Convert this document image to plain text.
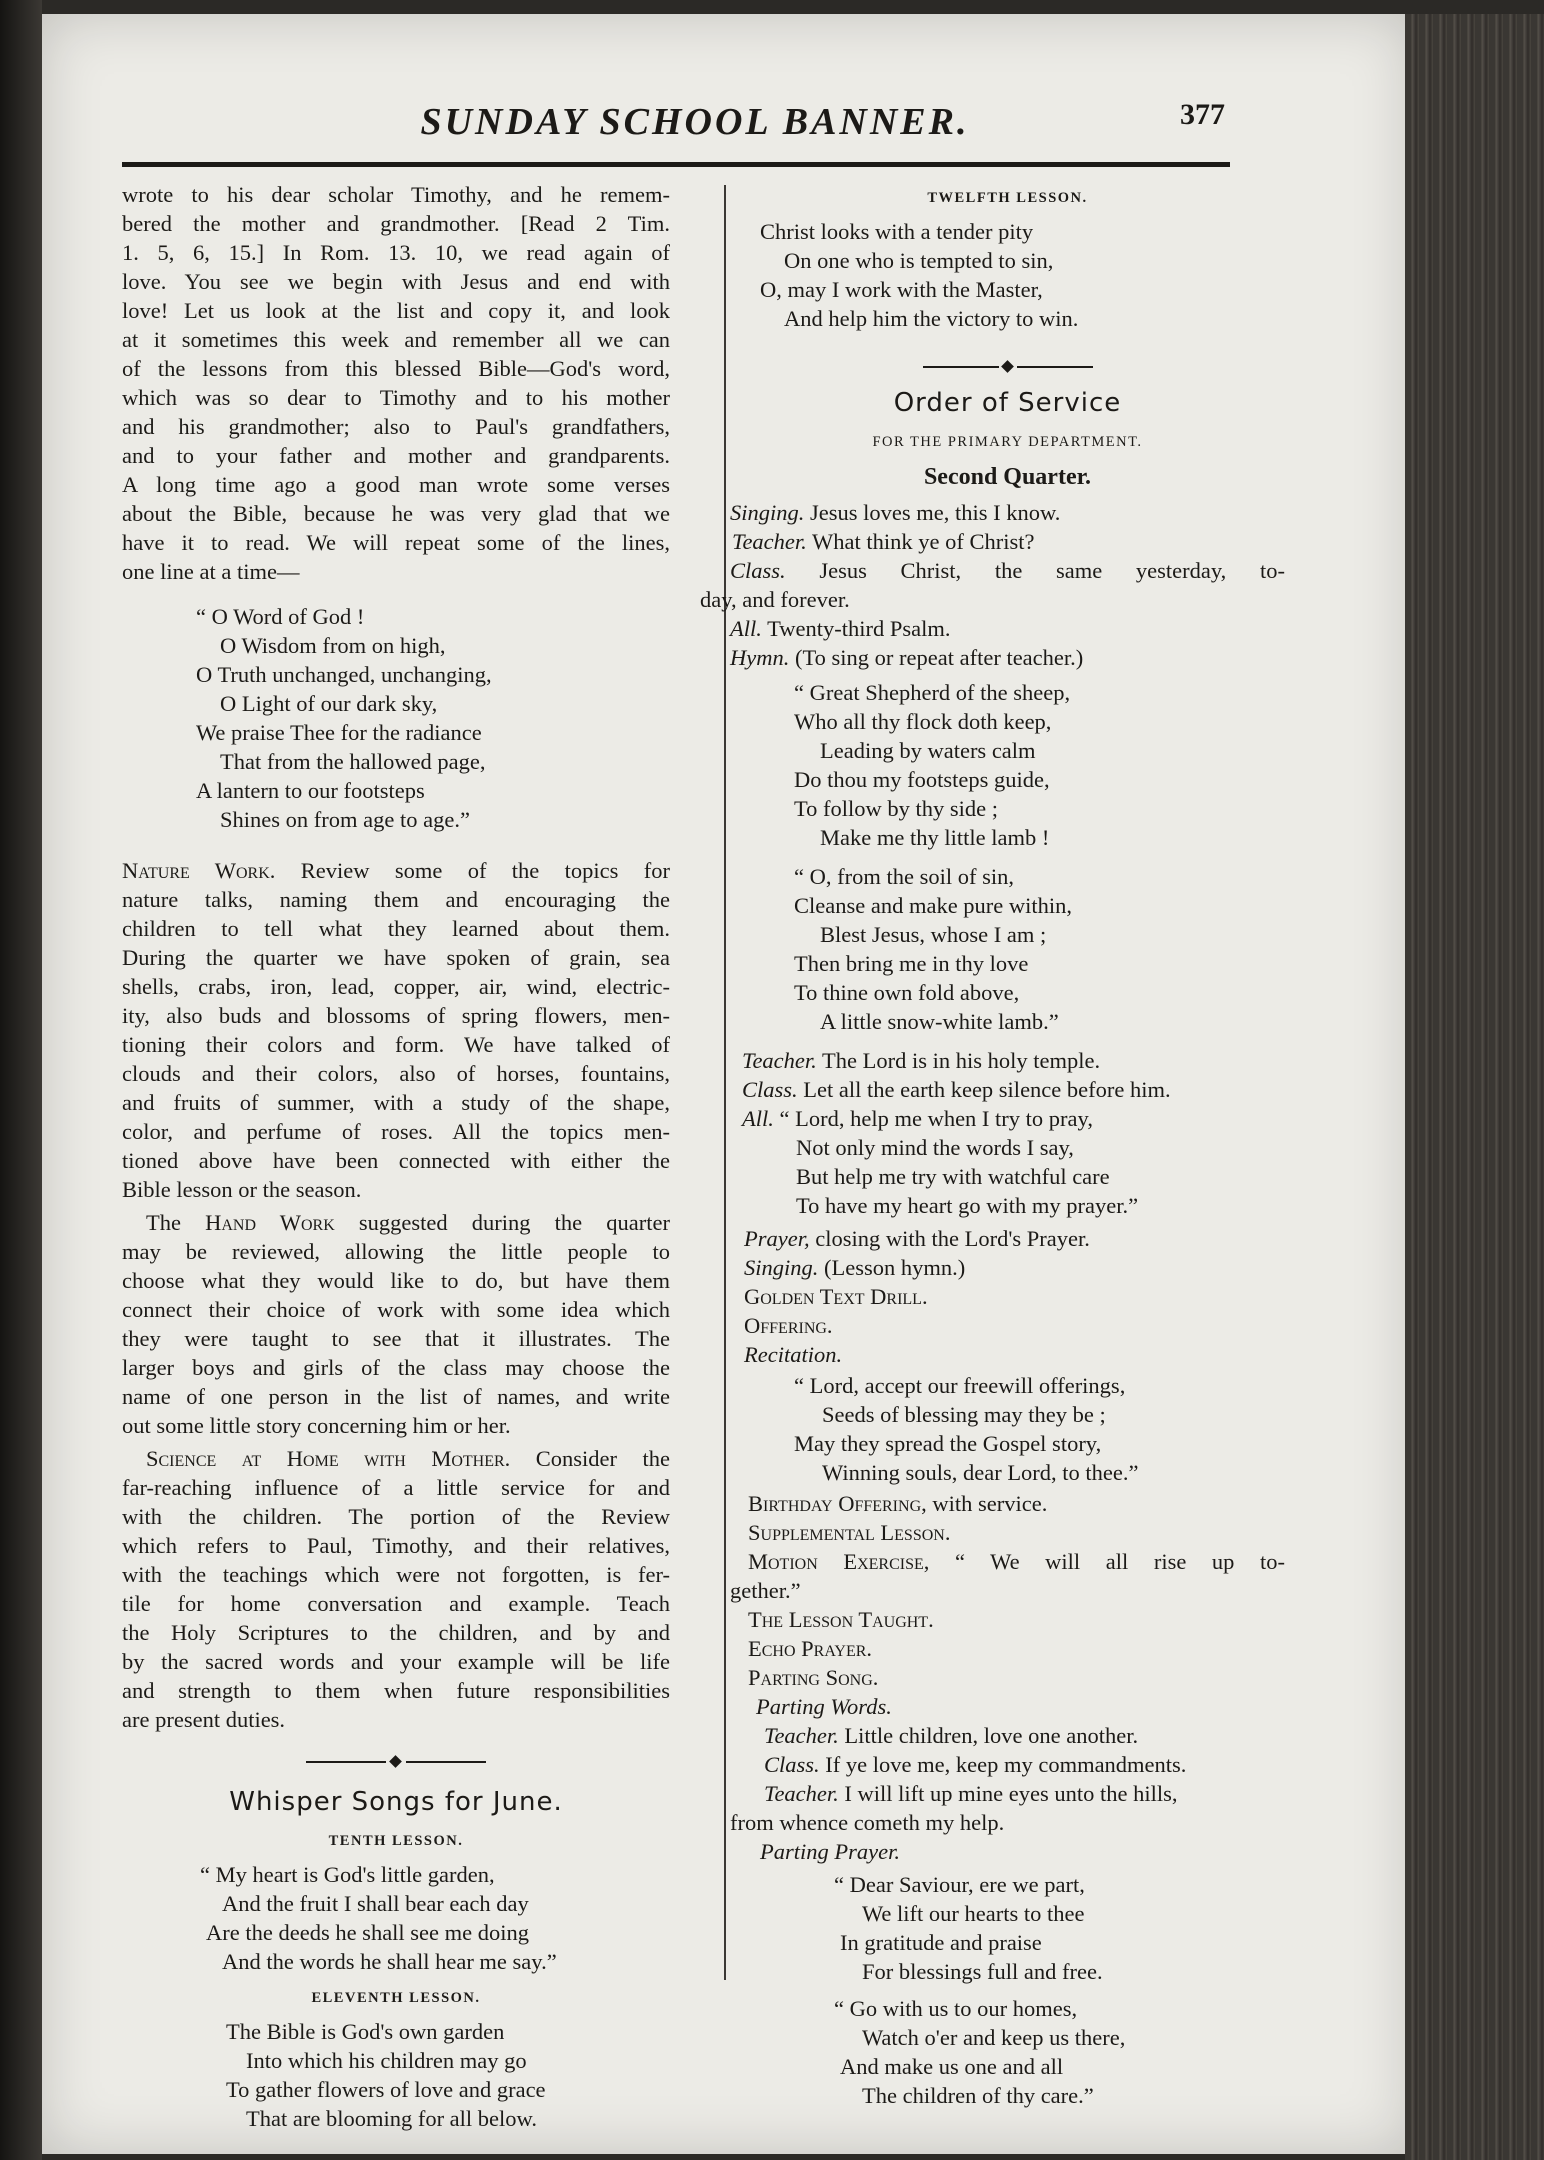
SUNDAY SCHOOL BANNER.	377

wrote to his dear scholar Timothy, and he remem-

bered the mother and grandmother. [Read 2 Tim.

1. 5, 6, 15.] In Rom. 13. 10, we read again of

love. You see we begin with Jesus and end with

love! Let us look at the list and copy it, and look

at it sometimes this week and remember all we can

of the lessons from this blessed Bible—God's word,

which was so dear to Timothy and to his mother

and his grandmother; also to Paul's grandfathers,

and to your father and mother and grandparents.

A long time ago a good man wrote some verses

about the Bible, because he was very glad that we

have it to read. We will repeat some of the lines,

one line at a time—

“ O Word of God !

O Wisdom from on high,

O Truth unchanged, unchanging,

O Light of our dark sky,

We praise Thee for the radiance

That from the hallowed page,

A lantern to our footsteps

Shines on from age to age.”

Nature Work. Review some of the topics for

nature talks, naming them and encouraging the

children to tell what they learned about them.

During the quarter we have spoken of grain, sea

shells, crabs, iron, lead, copper, air, wind, electric-

ity, also buds and blossoms of spring flowers, men-

tioning their colors and form. We have talked of

clouds and their colors, also of horses, fountains,

and fruits of summer, with a study of the shape,

color, and perfume of roses. All the topics men-

tioned above have been connected with either the

Bible lesson or the season.

The Hand Work suggested during the quarter

may be reviewed, allowing the little people to

choose what they would like to do, but have them

connect their choice of work with some idea which

they were taught to see that it illustrates. The

larger boys and girls of the class may choose the

name of one person in the list of names, and write

out some little story concerning him or her.

Science at Home with Mother. Consider the

far-reaching influence of a little service for and

with the children. The portion of the Review

which refers to Paul, Timothy, and their relatives,

with the teachings which were not forgotten, is fer-

tile for home conversation and example. Teach

the Holy Scriptures to the children, and by and

by the sacred words and your example will be life

and strength to them when future responsibilities

are present duties.

Whisper Songs for June.
TENTH LESSON.

“ My heart is God's little garden,

And the fruit I shall bear each day

Are the deeds he shall see me doing

And the words he shall hear me say.”

ELEVENTH LESSON.

The Bible is God's own garden

Into which his children may go

To gather flowers of love and grace

That are blooming for all below.

TWELFTH LESSON.

Christ looks with a tender pity

On one who is tempted to sin,

O, may I work with the Master,

And help him the victory to win.

Order of Service
FOR THE PRIMARY DEPARTMENT.
Second Quarter.

Singing. Jesus loves me, this I know.

Teacher. What think ye of Christ?

Class. Jesus Christ, the same yesterday, to-

day, and forever.

All. Twenty-third Psalm.

Hymn. (To sing or repeat after teacher.)

“ Great Shepherd of the sheep,

Who all thy flock doth keep,

Leading by waters calm

Do thou my footsteps guide,

To follow by thy side ;

Make me thy little lamb !

“ O, from the soil of sin,

Cleanse and make pure within,

Blest Jesus, whose I am ;

Then bring me in thy love

To thine own fold above,

A little snow-white lamb.”

Teacher. The Lord is in his holy temple.

Class. Let all the earth keep silence before him.

All. “ Lord, help me when I try to pray,

Not only mind the words I say,

But help me try with watchful care

To have my heart go with my prayer.”

Prayer, closing with the Lord's Prayer.

Singing. (Lesson hymn.)

Golden Text Drill.

Offering.

Recitation.

“ Lord, accept our freewill offerings,

Seeds of blessing may they be ;

May they spread the Gospel story,

Winning souls, dear Lord, to thee.”

Birthday Offering, with service.

Supplemental Lesson.

Motion Exercise, “ We will all rise up to-

gether.”

The Lesson Taught.

Echo Prayer.

Parting Song.

Parting Words.

Teacher. Little children, love one another.

Class. If ye love me, keep my commandments.

Teacher. I will lift up mine eyes unto the hills,

from whence cometh my help.

Parting Prayer.

“ Dear Saviour, ere we part,

We lift our hearts to thee

In gratitude and praise

For blessings full and free.

“ Go with us to our homes,

Watch o'er and keep us there,

And make us one and all

The children of thy care.”
